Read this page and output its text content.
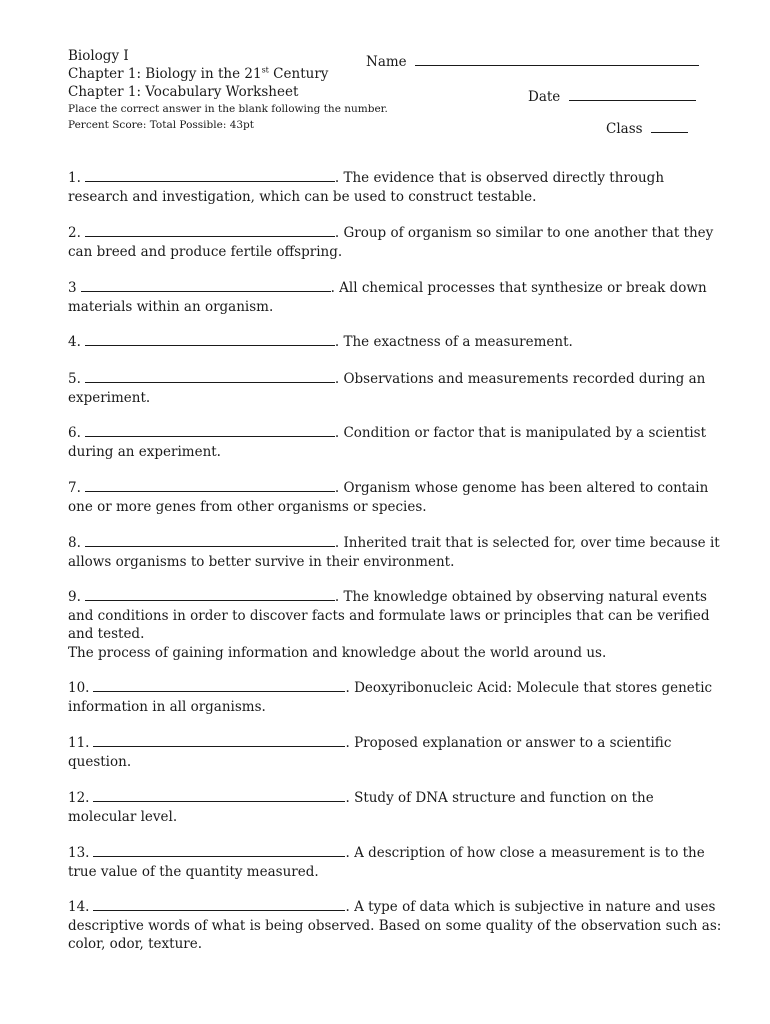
Biology I
Chapter 1: Biology in the 21st Century
Chapter 1: Vocabulary Worksheet
Place the correct answer in the blank following the number.
Percent Score: Total Possible: 43pt
Name
Date
Class
1.	. The evidence that is observed directly through research and investigation, which can be used to construct testable.
2.	. Group of organism so similar to one another that they can breed and produce fertile offspring.
3	. All chemical processes that synthesize or break down materials within an organism.
4.	. The exactness of a measurement.
5.	. Observations and measurements recorded during an experiment.
6.	. Condition or factor that is manipulated by a scientist during an experiment.
7.	. Organism whose genome has been altered to contain one or more genes from other organisms or species.
8.	. Inherited trait that is selected for, over time because it allows organisms to better survive in their environment.
9.	. The knowledge obtained by observing natural events and conditions in order to discover facts and formulate laws or principles that can be verified and tested.
The process of gaining information and knowledge about the world around us.
10.	. Deoxyribonucleic Acid: Molecule that stores genetic information in all organisms.
11.	. Proposed explanation or answer to a scientific question.
12.	. Study of DNA structure and function on the molecular level.
13.	. A description of how close a measurement is to the true value of the quantity measured.
14.	. A type of data which is subjective in nature and uses descriptive words of what is being observed. Based on some quality of the observation such as: color, odor, texture.
